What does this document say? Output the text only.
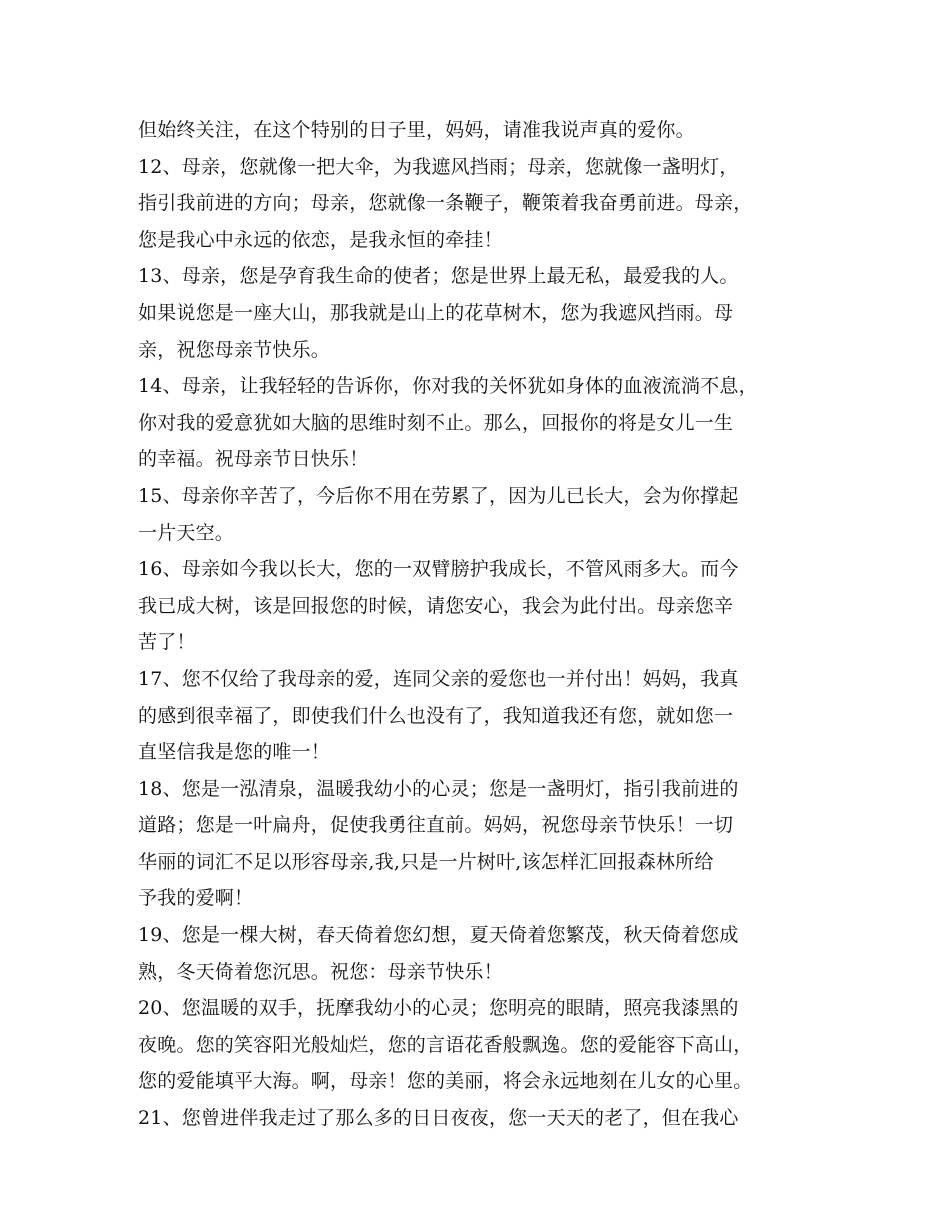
但始终关注，在这个特别的日子里，妈妈，请准我说声真的爱你。
12、母亲，您就像一把大伞，为我遮风挡雨；母亲，您就像一盏明灯，
指引我前进的方向；母亲，您就像一条鞭子，鞭策着我奋勇前进。母亲，
您是我心中永远的依恋，是我永恒的牵挂！
13、母亲，您是孕育我生命的使者；您是世界上最无私，最爱我的人。
如果说您是一座大山，那我就是山上的花草树木，您为我遮风挡雨。母
亲，祝您母亲节快乐。
14、母亲，让我轻轻的告诉你，你对我的关怀犹如身体的血液流淌不息，
你对我的爱意犹如大脑的思维时刻不止。那么，回报你的将是女儿一生
的幸福。祝母亲节日快乐！
15、母亲你辛苦了，今后你不用在劳累了，因为儿已长大，会为你撑起
一片天空。
16、母亲如今我以长大，您的一双臂膀护我成长，不管风雨多大。而今
我已成大树，该是回报您的时候，请您安心，我会为此付出。母亲您辛
苦了！
17、您不仅给了我母亲的爱，连同父亲的爱您也一并付出！妈妈，我真
的感到很幸福了，即使我们什么也没有了，我知道我还有您，就如您一
直坚信我是您的唯一！
18、您是一泓清泉，温暖我幼小的心灵；您是一盏明灯，指引我前进的
道路；您是一叶扁舟，促使我勇往直前。妈妈，祝您母亲节快乐！一切
华丽的词汇不足以形容母亲,我,只是一片树叶,该怎样汇回报森林所给
予我的爱啊！
19、您是一棵大树，春天倚着您幻想，夏天倚着您繁茂，秋天倚着您成
熟，冬天倚着您沉思。祝您：母亲节快乐！
20、您温暖的双手，抚摩我幼小的心灵；您明亮的眼睛，照亮我漆黑的
夜晚。您的笑容阳光般灿烂，您的言语花香般飘逸。您的爱能容下高山，
您的爱能填平大海。啊，母亲！您的美丽，将会永远地刻在儿女的心里。
21、您曾进伴我走过了那么多的日日夜夜，您一天天的老了，但在我心
